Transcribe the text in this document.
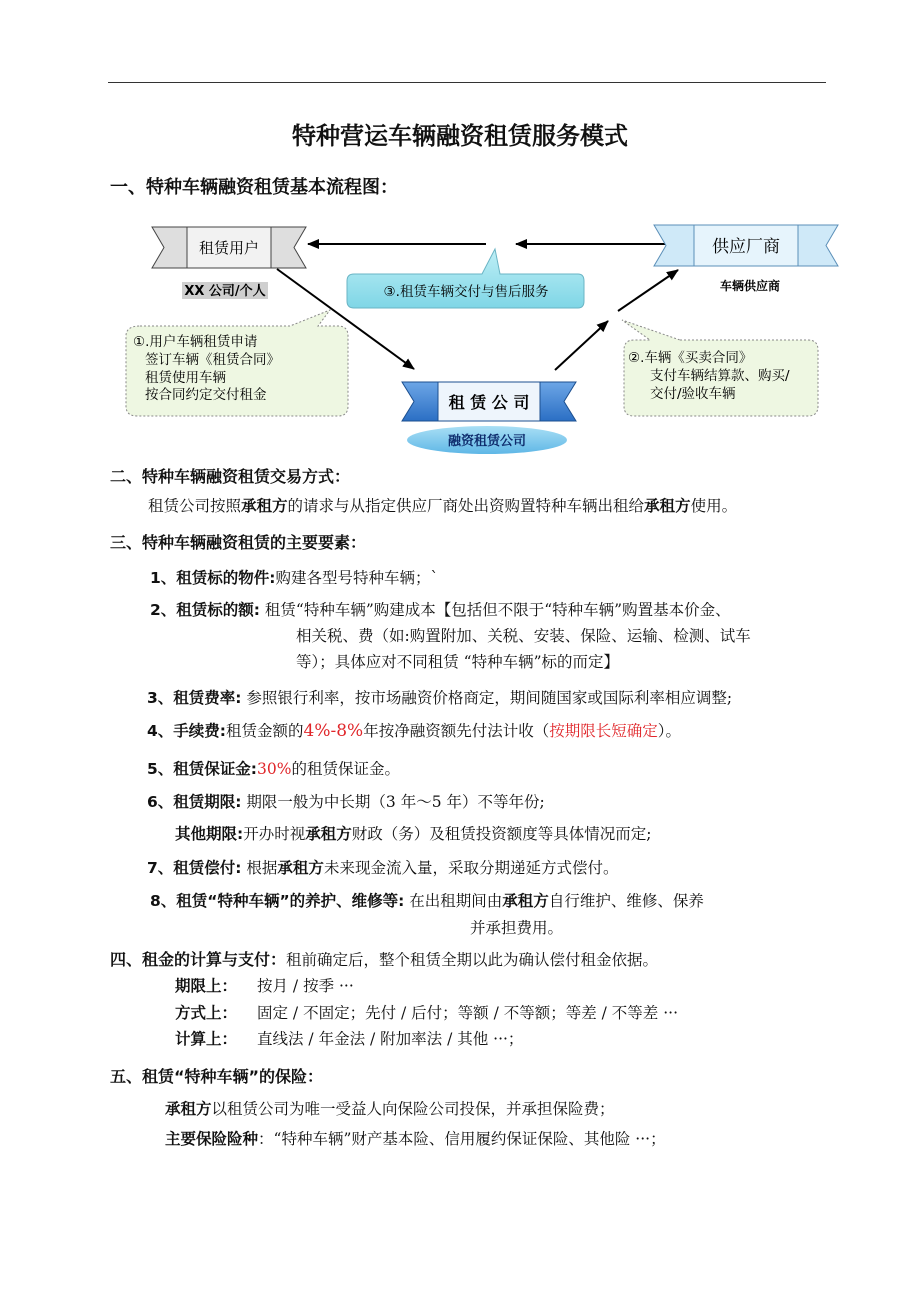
特种营运车辆融资租赁服务模式
一、特种车辆融资租赁基本流程图：
租赁用户
XX 公司/个人
供应厂商
车辆供应商
③.租赁车辆交付与售后服务
①.用户车辆租赁申请 签订车辆《租赁合同》 租赁使用车辆 按合同约定交付租金
②.车辆《买卖合同》 支付车辆结算款、购买/ 交付/验收车辆
租 赁 公 司
融资租赁公司
二、特种车辆融资租赁交易方式：
租赁公司按照承租方的请求与从指定供应厂商处出资购置特种车辆出租给承租方使用。
三、特种车辆融资租赁的主要要素：
1、租赁标的物件:购建各型号特种车辆；`
2、租赁标的额: 租赁“特种车辆”购建成本【包括但不限于“特种车辆”购置基本价金、
相关税、费（如:购置附加、关税、安装、保险、运输、检测、试车
等）；具体应对不同租赁 “特种车辆”标的而定】
3、租赁费率: 参照银行利率，按市场融资价格商定，期间随国家或国际利率相应调整;
4、手续费:租赁金额的4%-8%年按净融资额先付法计收（按期限长短确定）。
5、租赁保证金:30%的租赁保证金。
6、租赁期限: 期限一般为中长期（3 年～5 年）不等年份;
其他期限:开办时视承租方财政（务）及租赁投资额度等具体情况而定;
7、租赁偿付: 根据承租方未来现金流入量，采取分期递延方式偿付。
8、租赁“特种车辆”的养护、维修等: 在出租期间由承租方自行维护、维修、保养
并承担费用。
四、租金的计算与支付：租前确定后，整个租赁全期以此为确认偿付租金依据。
期限上： 按月 / 按季 ···
方式上： 固定 / 不固定；先付 / 后付；等额 / 不等额；等差 / 不等差 ···
计算上： 直线法 / 年金法 / 附加率法 / 其他 ···；
五、租赁“特种车辆”的保险：
承租方以租赁公司为唯一受益人向保险公司投保，并承担保险费；
主要保险险种：“特种车辆”财产基本险、信用履约保证保险、其他险 ···；
